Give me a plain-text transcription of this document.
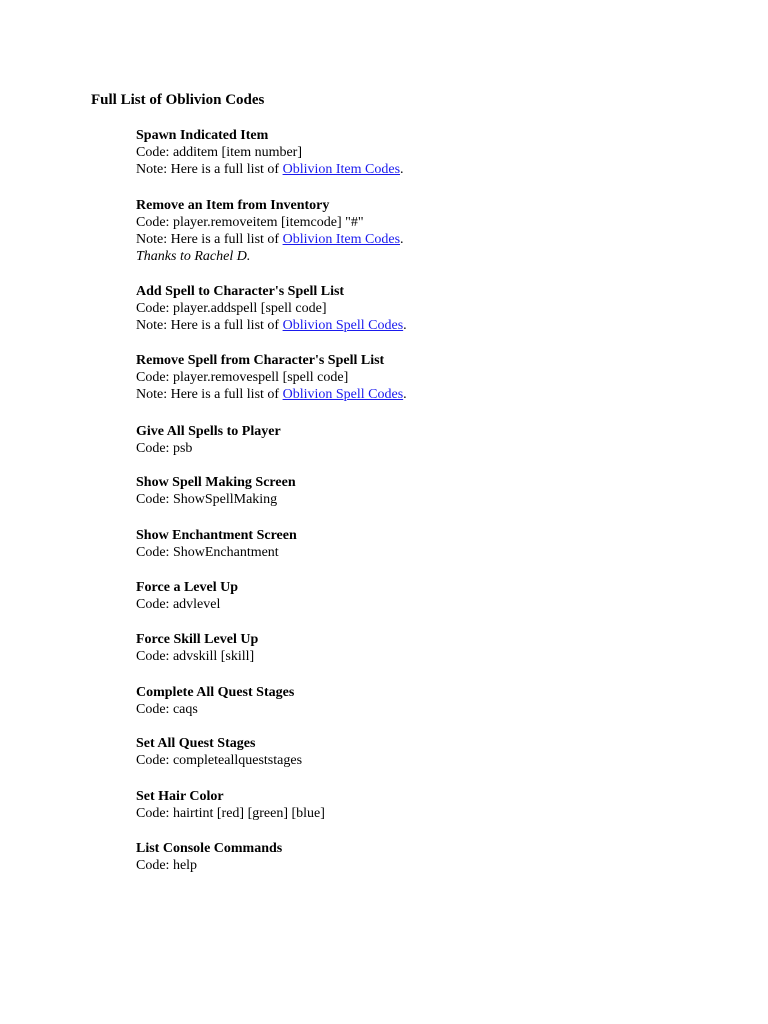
Full List of Oblivion Codes
Spawn Indicated Item
Code: additem [item number]
Note: Here is a full list of Oblivion Item Codes.
Remove an Item from Inventory
Code: player.removeitem [itemcode] "#"
Note: Here is a full list of Oblivion Item Codes.
Thanks to Rachel D.
Add Spell to Character's Spell List
Code: player.addspell [spell code]
Note: Here is a full list of Oblivion Spell Codes.
Remove Spell from Character's Spell List
Code: player.removespell [spell code]
Note: Here is a full list of Oblivion Spell Codes.
Give All Spells to Player
Code: psb
Show Spell Making Screen
Code: ShowSpellMaking
Show Enchantment Screen
Code: ShowEnchantment
Force a Level Up
Code: advlevel
Force Skill Level Up
Code: advskill [skill]
Complete All Quest Stages
Code: caqs
Set All Quest Stages
Code: completeallqueststages
Set Hair Color
Code: hairtint [red] [green] [blue]
List Console Commands
Code: help
